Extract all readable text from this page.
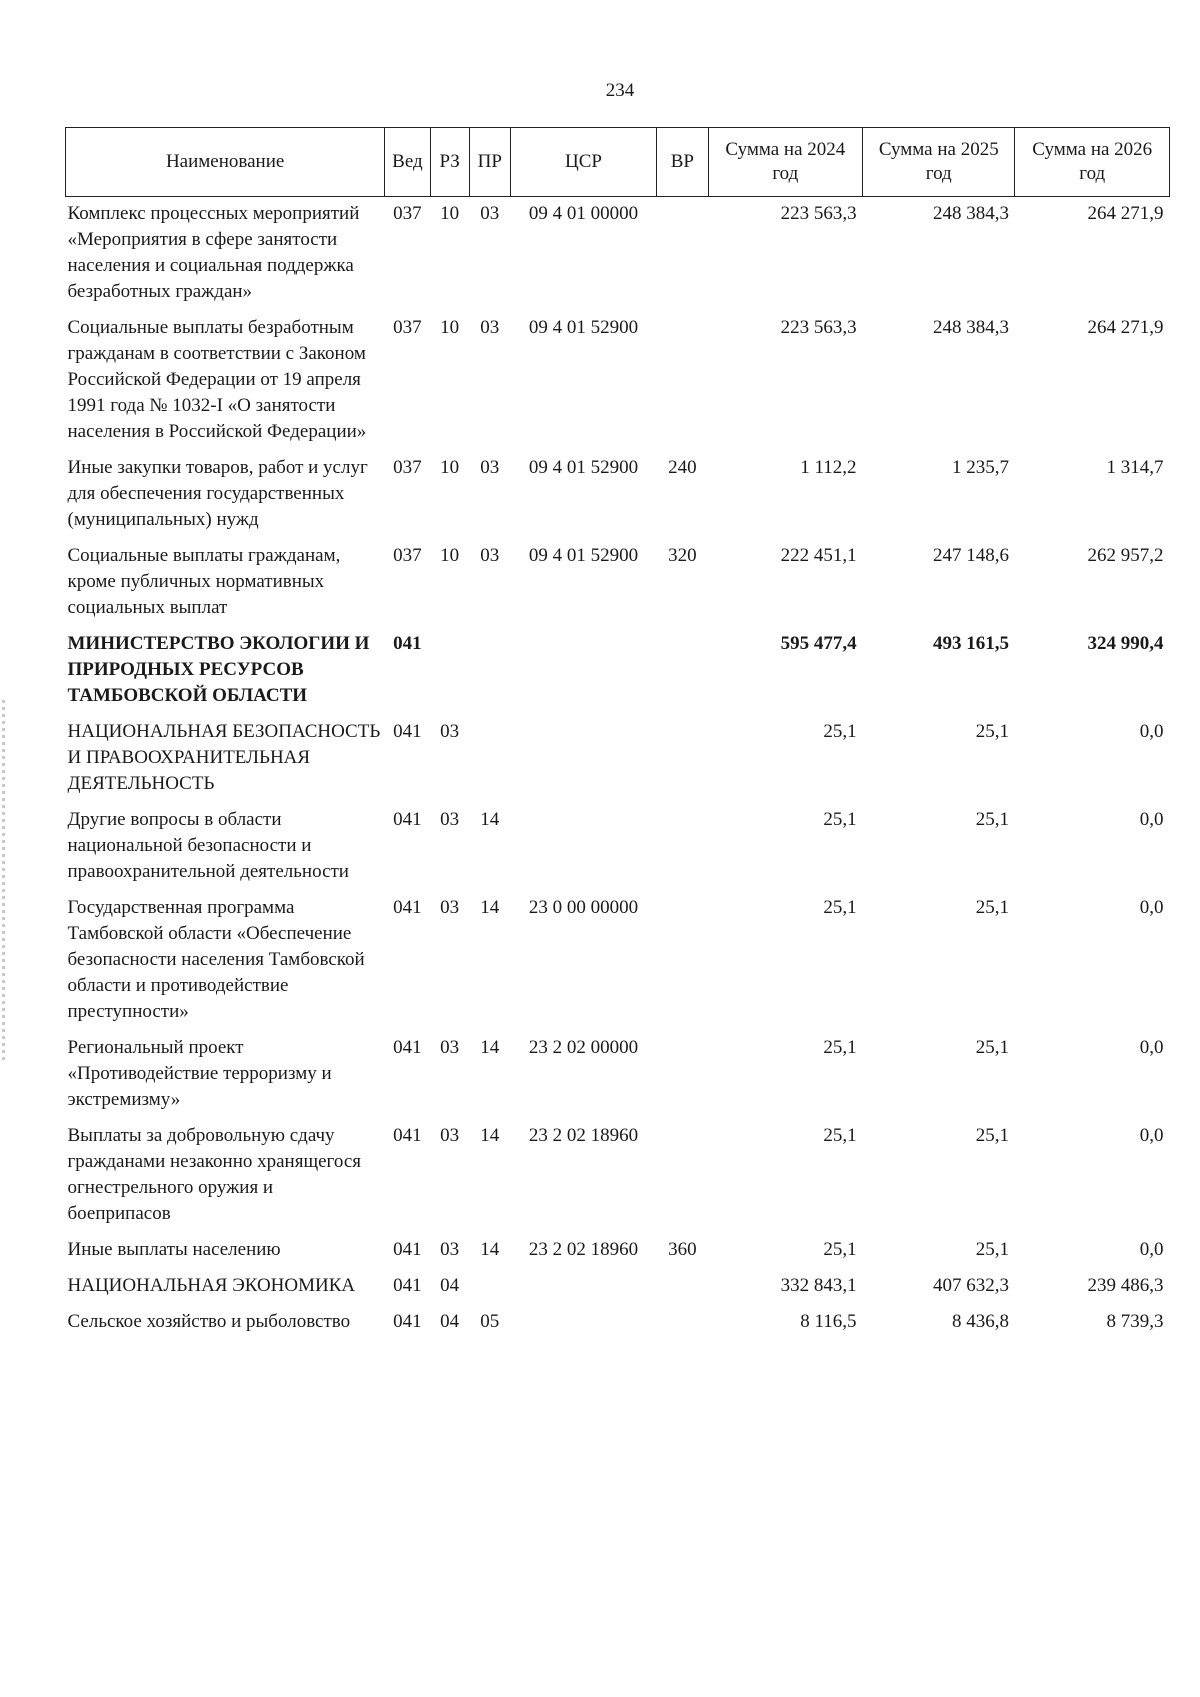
234
Наименование	Вед	РЗ	ПР	ЦСР	ВР	Сумма на 2024 год	Сумма на 2025 год	Сумма на 2026 год
Комплекс процессных мероприятий «Мероприятия в сфере занятости населения и социальная поддержка безработных граждан»	037	10	03	09 4 01 00000		223 563,3	248 384,3	264 271,9
Социальные выплаты безработным гражданам в соответствии с Законом Российской Федерации от 19 апреля 1991 года № 1032-I «О занятости населения в Российской Федерации»	037	10	03	09 4 01 52900		223 563,3	248 384,3	264 271,9
Иные закупки товаров, работ и услуг для обеспечения государственных (муниципальных) нужд	037	10	03	09 4 01 52900	240	1 112,2	1 235,7	1 314,7
Социальные выплаты гражданам, кроме публичных нормативных социальных выплат	037	10	03	09 4 01 52900	320	222 451,1	247 148,6	262 957,2
МИНИСТЕРСТВО ЭКОЛОГИИ И ПРИРОДНЫХ РЕСУРСОВ ТАМБОВСКОЙ ОБЛАСТИ	041					595 477,4	493 161,5	324 990,4
НАЦИОНАЛЬНАЯ БЕЗОПАСНОСТЬ И ПРАВООХРАНИТЕЛЬНАЯ ДЕЯТЕЛЬНОСТЬ	041	03				25,1	25,1	0,0
Другие вопросы в области национальной безопасности и правоохранительной деятельности	041	03	14			25,1	25,1	0,0
Государственная программа Тамбовской области «Обеспечение безопасности населения Тамбовской области и противодействие преступности»	041	03	14	23 0 00 00000		25,1	25,1	0,0
Региональный проект «Противодействие терроризму и экстремизму»	041	03	14	23 2 02 00000		25,1	25,1	0,0
Выплаты за добровольную сдачу гражданами незаконно хранящегося огнестрельного оружия и боеприпасов	041	03	14	23 2 02 18960		25,1	25,1	0,0
Иные выплаты населению	041	03	14	23 2 02 18960	360	25,1	25,1	0,0
НАЦИОНАЛЬНАЯ ЭКОНОМИКА	041	04				332 843,1	407 632,3	239 486,3
Сельское хозяйство и рыболовство	041	04	05			8 116,5	8 436,8	8 739,3
